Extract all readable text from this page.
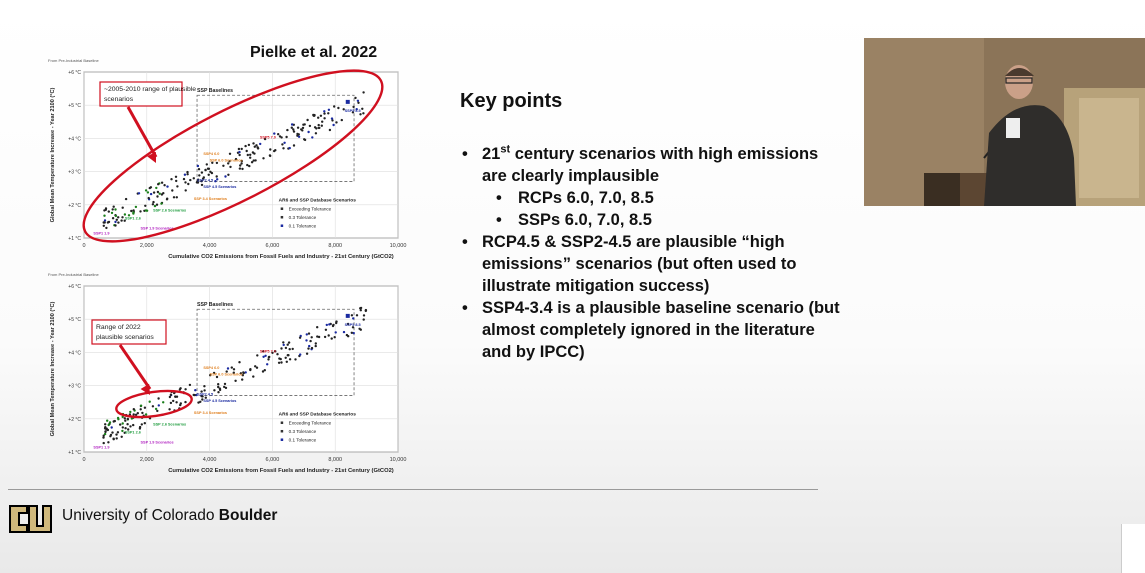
Pielke et al. 2022
0	2,000	4,000	6,000	8,000	10,000
+1 °C
+2 °C
+3 °C
+4 °C
+5 °C
+6 °C
From Pre-Industrial Baseline
Cumulative CO2 Emissions from Fossil Fuels and Industry - 21st Century (GtCO2)
Global Mean Temperature Increase - Year 2100 (°C)	SSP Baselines
SSP5 8.5
SSP5 7.0
SSP 6.0 Scenarios
SSP4 6.0
SSP 4.5 Scenarios
SSP2 4.5
SSP 3.4 Scenarios
SSP 2.6 Scenarios
SSP1 2.6
SSP 1.9 Scenarios
SSP1 1.9
AR6 and SSP Database Scenarios
Exceeding Tolerance
0.3 Tolerance
0.1 Tolerance
~2005-2010 range of plausible
scenarios
0	2,000	4,000	6,000	8,000	10,000
+1 °C
+2 °C
+3 °C
+4 °C
+5 °C
+6 °C
From Pre-Industrial Baseline
Cumulative CO2 Emissions from Fossil Fuels and Industry - 21st Century (GtCO2)
Global Mean Temperature Increase - Year 2100 (°C)	SSP Baselines
SSP5 8.5
SSP5 7.0
SSP 6.0 Scenarios
SSP4 6.0
SSP 4.5 Scenarios
SSP2 4.5
SSP 3.4 Scenarios
SSP 2.6 Scenarios
SSP1 2.6
SSP 1.9 Scenarios
SSP1 1.9
AR6 and SSP Database Scenarios
Exceeding Tolerance
0.3 Tolerance
0.1 Tolerance
Range of 2022
plausible scenarios
Key points
• 21st century scenarios with high emissions are clearly implausible
• RCPs 6.0, 7.0, 8.5
• SSPs 6.0, 7.0, 8.5
• RCP4.5 & SSP2-4.5 are plausible “high emissions” scenarios (but often used to illustrate mitigation success)
• SSP4-3.4 is a plausible baseline scenario (but almost completely ignored in the literature and by IPCC)
University of Colorado Boulder
